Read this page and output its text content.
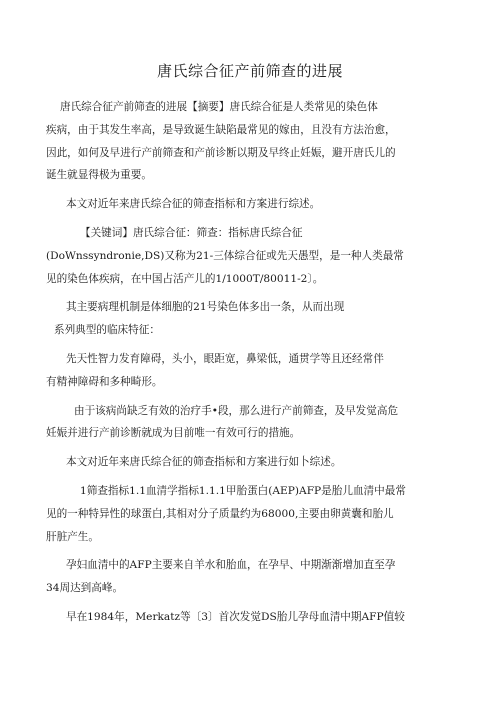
唐氏综合征产前筛查的进展
唐氏综合征产前筛查的进展【摘要】唐氏综合征是人类常见的染色体
疾病，由于其发生率高，是导致诞生缺陷最常见的嫁由，且没有方法治愈，
因此，如何及早进行产前筛查和产前诊断以期及早终止妊娠，避开唐氏儿的
诞生就显得极为重要。
本文对近年来唐氏综合征的筛查指标和方案进行综述。
【关键词】唐氏综合征：筛查：指标唐氏综合征
(DoWnssyndronie,DS)又称为21-三体综合征或先天愚型，是一种人类最常
见的染色体疾病，在中国占活产儿的1/1000T/80011-2〕。
其主要病理机制是体细胞的21号染色体多出一条，从而出现
系列典型的临床特征：
先天性智力发育障碍，头小，眼距宽，鼻梁低，通贯学等且还经常伴
有精神障碍和多种畸形。
由于该病尚缺乏有效的治疗手•段，那么进行产前筛查，及早发觉高危
妊娠并进行产前诊断就成为目前唯一有效可行的措施。
本文对近年来唐氏综合征的筛查指标和方案进行如卜综述。
1筛查指标1.1血清学指标1.1.1甲胎蛋白(AEP)AFP是胎儿血清中最常
见的一种特异性的球蛋白,其相对分子质量约为68000,主要由卵黄囊和胎儿
肝脏产生。
孕妇血清中的AFP主要来自羊水和胎血，在孕早、中期渐渐增加直至孕
34周达到高峰。
早在1984年，Merkatz等〔3〕首次发觉DS胎儿孕母血清中期AFP值较
